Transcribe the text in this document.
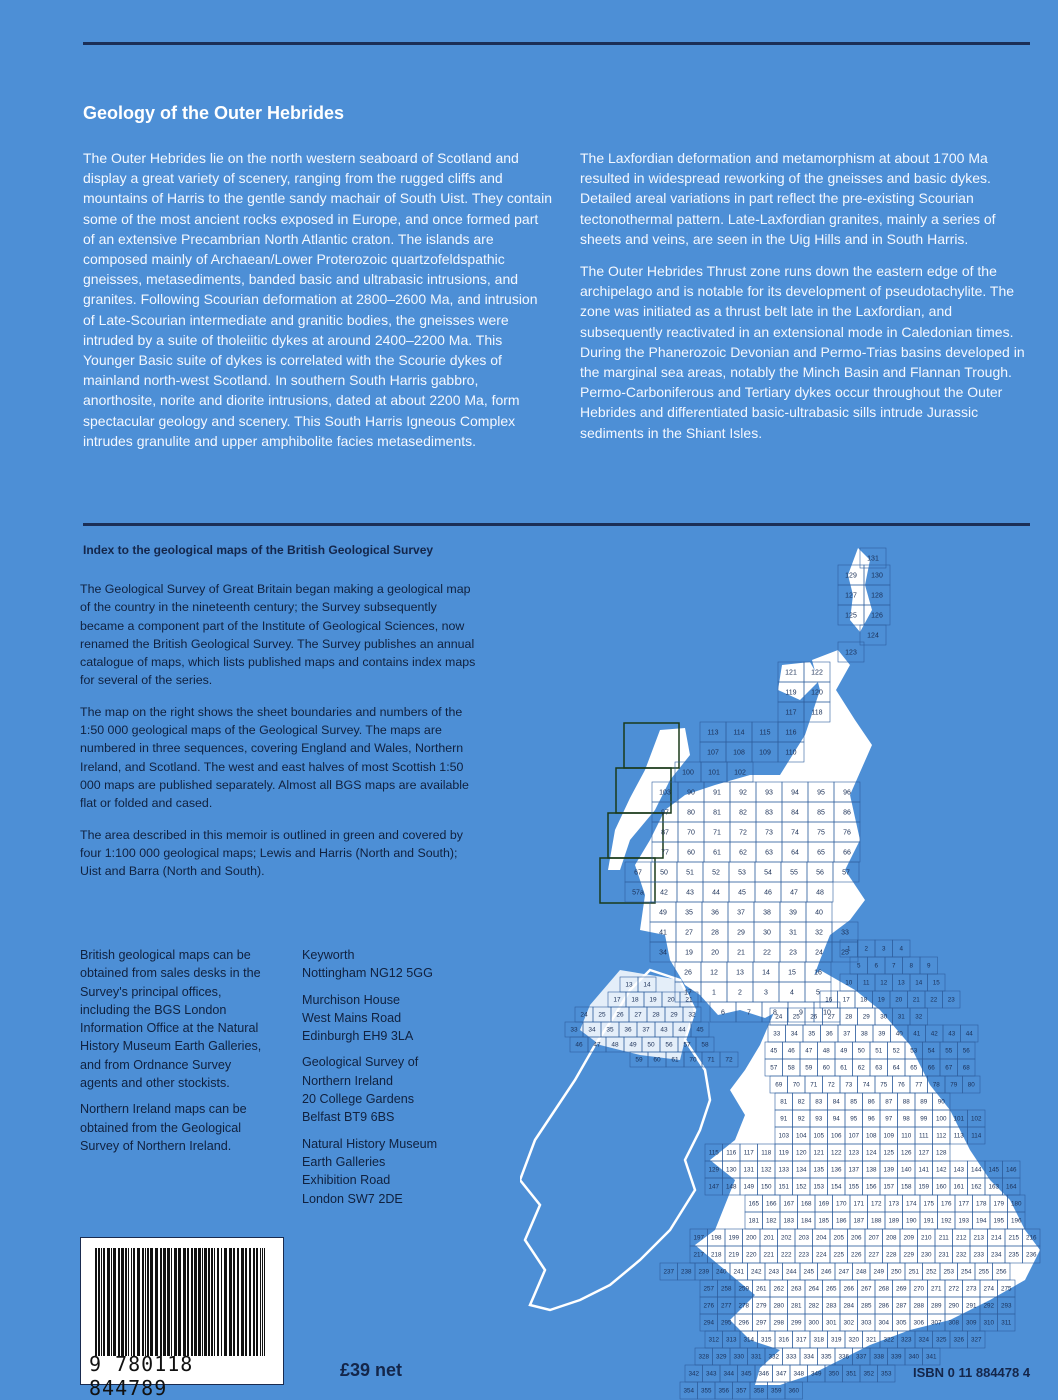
Geology of the Outer Hebrides

The Outer Hebrides lie on the north western seaboard of Scotland and display a great variety of scenery, ranging from the rugged cliffs and mountains of Harris to the gentle sandy machair of South Uist. They contain some of the most ancient rocks exposed in Europe, and once formed part of an extensive Precambrian North Atlantic craton. The islands are composed mainly of Archaean/Lower Proterozoic quartzofeldspathic gneisses, metasediments, banded basic and ultrabasic intrusions, and granites. Following Scourian deformation at 2800–2600 Ma, and intrusion of Late-Scourian intermediate and granitic bodies, the gneisses were intruded by a suite of tholeiitic dykes at around 2400–2200 Ma. This Younger Basic suite of dykes is correlated with the Scourie dykes of mainland north-west Scotland. In southern South Harris gabbro, anorthosite, norite and diorite intrusions, dated at about 2200 Ma, form spectacular geology and scenery. This South Harris Igneous Complex intrudes granulite and upper amphibolite facies metasediments.

The Laxfordian deformation and metamorphism at about 1700 Ma resulted in widespread reworking of the gneisses and basic dykes. Detailed areal variations in part reflect the pre-existing Scourian tectonothermal pattern. Late-Laxfordian granites, mainly a series of sheets and veins, are seen in the Uig Hills and in South Harris.

The Outer Hebrides Thrust zone runs down the eastern edge of the archipelago and is notable for its development of pseudotachylite. The zone was initiated as a thrust belt late in the Laxfordian, and subsequently reactivated in an extensional mode in Caledonian times. During the Phanerozoic Devonian and Permo-Trias basins developed in the marginal sea areas, notably the Minch Basin and Flannan Trough. Permo-Carboniferous and Tertiary dykes occur throughout the Outer Hebrides and differentiated basic-ultrabasic sills intrude Jurassic sediments in the Shiant Isles.

Index to the geological maps of the British Geological Survey

The Geological Survey of Great Britain began making a geological map of the country in the nineteenth century; the Survey subsequently became a component part of the Institute of Geological Sciences, now renamed the British Geological Survey. The Survey publishes an annual catalogue of maps, which lists published maps and contains index maps for several of the series.

The map on the right shows the sheet boundaries and numbers of the 1:50 000 geological maps of the Geological Survey. The maps are numbered in three sequences, covering England and Wales, Northern Ireland, and Scotland. The west and east halves of most Scottish 1:50 000 maps are published separately. Almost all BGS maps are available flat or folded and cased.

The area described in this memoir is outlined in green and covered by four 1:100 000 geological maps; Lewis and Harris (North and South); Uist and Barra (North and South).

British geological maps can be obtained from sales desks in the Survey's principal offices, including the BGS London Information Office at the Natural History Museum Earth Galleries, and from Ordnance Survey agents and other stockists.

Northern Ireland maps can be obtained from the Geological Survey of Northern Ireland.

Keyworth
Nottingham NG12 5GG

Murchison House
West Mains Road
Edinburgh EH9 3LA

Geological Survey of
Northern Ireland
20 College Gardens
Belfast BT9 6BS

Natural History Museum
Earth Galleries
Exhibition Road
London SW7 2DE

9 780118 844789
£39 net	ISBN 0 11 884478 4
131
129 130
127 128
125 126
124
123
121 122
119 120
117 118
113 114 115 116
107 108 109 110
100 101 102
103 90	91	92	93	94	95	96
97	80	81	82	83	84	85	86
87	70	71	72	73	74	75	76
77	60	61	62	63	64	65	66
67	50	51	52	53	54	55	56	57
57a 42	43	44	45	46	47	48
49	35	36	37	38	39	40
41	27	28	29	30	31	32	33
34	19	20	21	22	23	24	25
26	12	13	14	15	16
17	1	2	3	4	5
6	7	8	9	10
13 14
17 18 19 20 21
24 25 26 27 28 29 32
33 34 35 36 37 43 44 45
46 47 48 49 50 56 57 58
59 60 61 70 71 72
1 2 3 4
5 6 7 8 9
10 11 12 13 14 15
16 17 18 19 20 21 22 23
24 25 26 27 28 29 30 31 32
33 34 35 36 37 38 39 40 41 42 43 44
45 46 47 48 49 50 51 52 53 54 55 56
57 58 59 60 61 62 63 64 65 66 67 68
69 70 71 72 73 74 75 76 77 78 79 80
81 82 83 84 85 86 87 88 89 90
91 92 93 94 95 96 97 98 99 100 101 102
103 104 105 106 107 108 109 110 111 112 113 114
115 116 117 118 119 120 121 122 123 124 125 126 127 128
129 130 131 132 133 134 135 136 137 138 139 140 141 142 143 144 145 146
147 148 149 150 151 152 153 154 155 156 157 158 159 160 161 162 163 164
165 166 167 168 169 170 171 172 173 174 175 176 177 178 179 180
181 182 183 184 185 186 187 188 189 190 191 192 193 194 195 196
197 198 199 200 201 202 203 204 205 206 207 208 209 210 211 212 213 214 215 216
217 218 219 220 221 222 223 224 225 226 227 228 229 230 231 232 233 234 235 236
237 238 239 240 241 242 243 244 245 246 247 248 249 250 251 252 253 254 255 256
257 258 259 261 262 263 264 265 266 267 268 269 270 271 272 273 274 275
276 277 278 279 280 281 282 283 284 285 286 287 288 289 290 291 292 293
294 295 296 297 298 299 300 301 302 303 304 305 306 307 308 309 310 311
312 313 314 315 316 317 318 319 320 321 322 323 324 325 326 327
328 329 330 331 332 333 334 335 336 337 338 339 340 341
342 343 344 345 346 347 348 349 350 351 352 353
354 355 356 357 358 359 360
